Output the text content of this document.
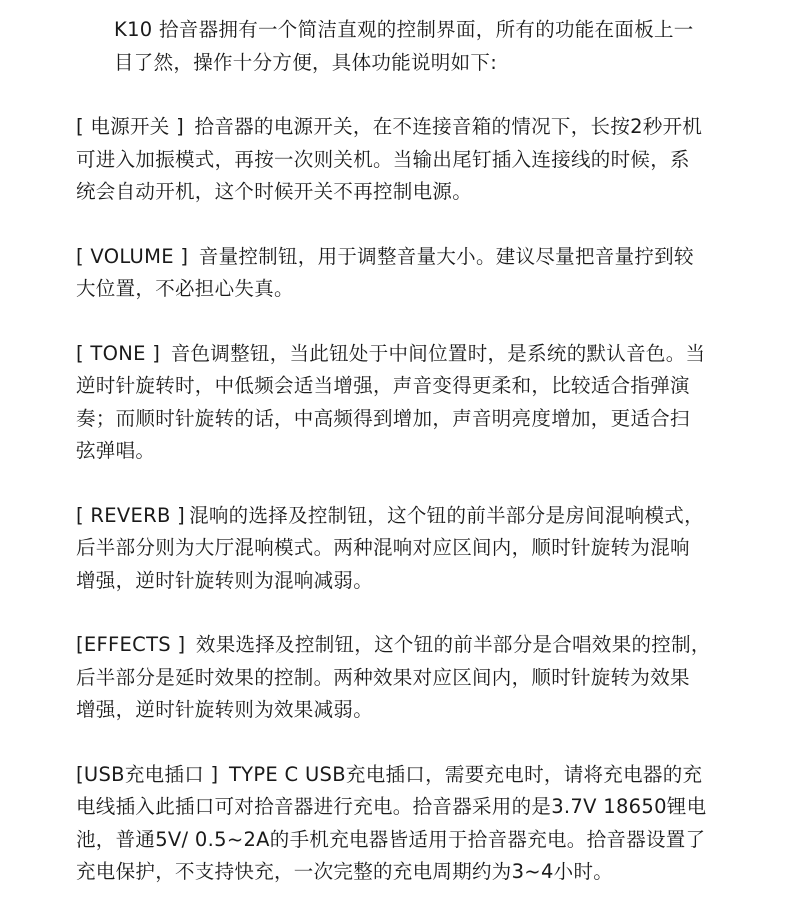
K10 拾音器拥有一个简洁直观的控制界面，所有的功能在面板上一
目了然，操作十分方便，具体功能说明如下:

[ 电源开关 ] 拾音器的电源开关，在不连接音箱的情况下，长按2秒开机
可进入加振模式，再按一次则关机。当输出尾钉插入连接线的时候，系
统会自动开机，这个时候开关不再控制电源。

[ VOLUME ] 音量控制钮，用于调整音量大小。建议尽量把音量拧到较
大位置，不必担心失真。

[ TONE ] 音色调整钮，当此钮处于中间位置时，是系统的默认音色。当
逆时针旋转时，中低频会适当增强，声音变得更柔和，比较适合指弹演
奏；而顺时针旋转的话，中高频得到增加，声音明亮度增加，更适合扫
弦弹唱。

[ REVERB ] 混响的选择及控制钮，这个钮的前半部分是房间混响模式，
后半部分则为大厅混响模式。两种混响对应区间内，顺时针旋转为混响
增强，逆时针旋转则为混响减弱。

[EFFECTS ] 效果选择及控制钮，这个钮的前半部分是合唱效果的控制，
后半部分是延时效果的控制。两种效果对应区间内，顺时针旋转为效果
增强，逆时针旋转则为效果减弱。

[USB充电插口 ] TYPE C USB充电插口，需要充电时，请将充电器的充
电线插入此插口可对拾音器进行充电。拾音器采用的是3.7V 18650锂电
池，普通5V/ 0.5~2A的手机充电器皆适用于拾音器充电。拾音器设置了
充电保护，不支持快充，一次完整的充电周期约为3~4小时。
